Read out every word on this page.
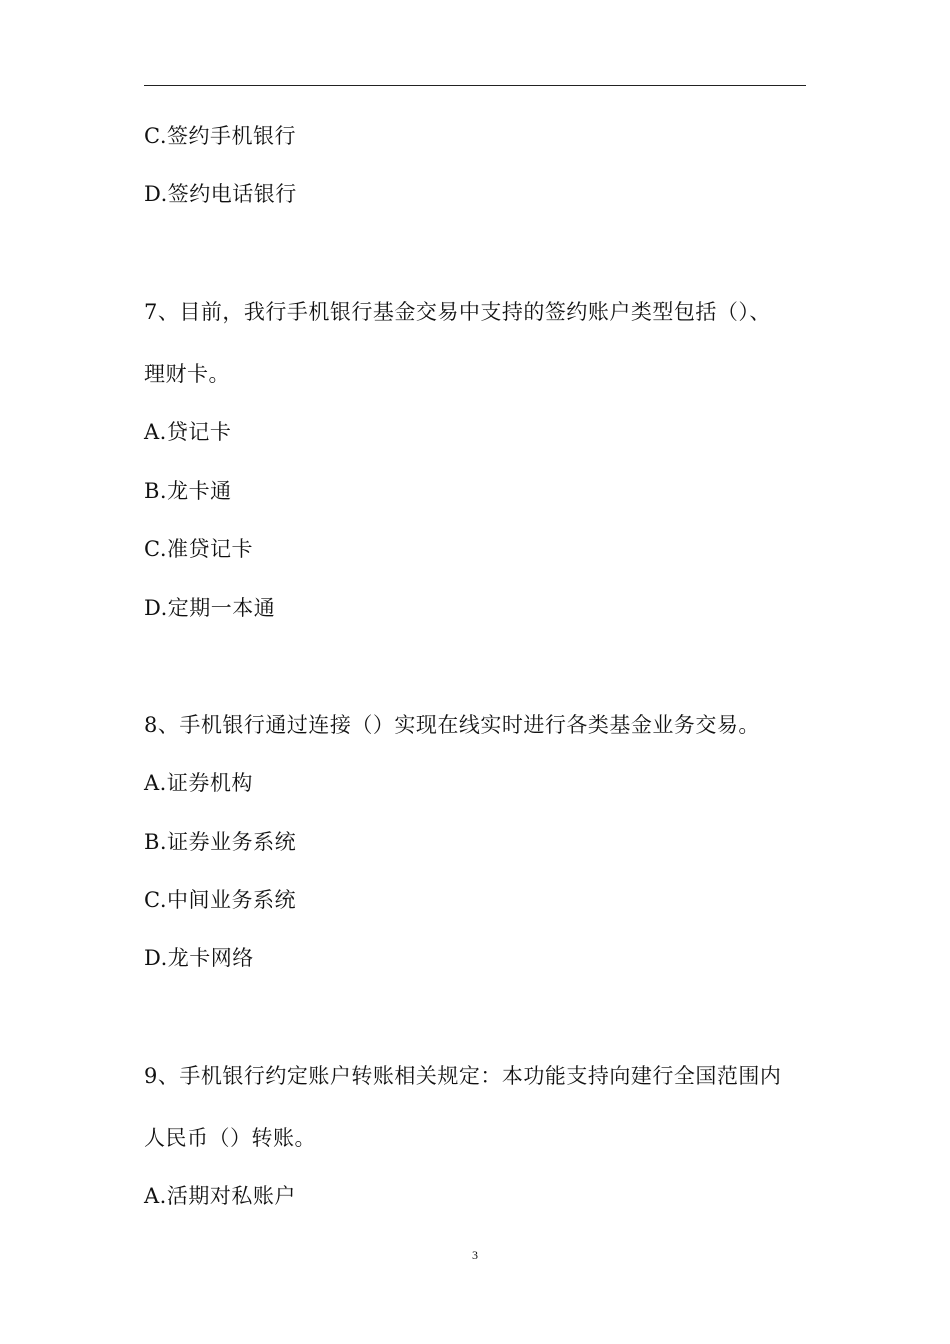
C.签约手机银行
D.签约电话银行
7、目前，我行手机银行基金交易中支持的签约账户类型包括（）、
理财卡。
A.贷记卡
B.龙卡通
C.准贷记卡
D.定期一本通
8、手机银行通过连接（）实现在线实时进行各类基金业务交易。
A.证券机构
B.证券业务系统
C.中间业务系统
D.龙卡网络
9、手机银行约定账户转账相关规定：本功能支持向建行全国范围内
人民币（）转账。
A.活期对私账户
3
